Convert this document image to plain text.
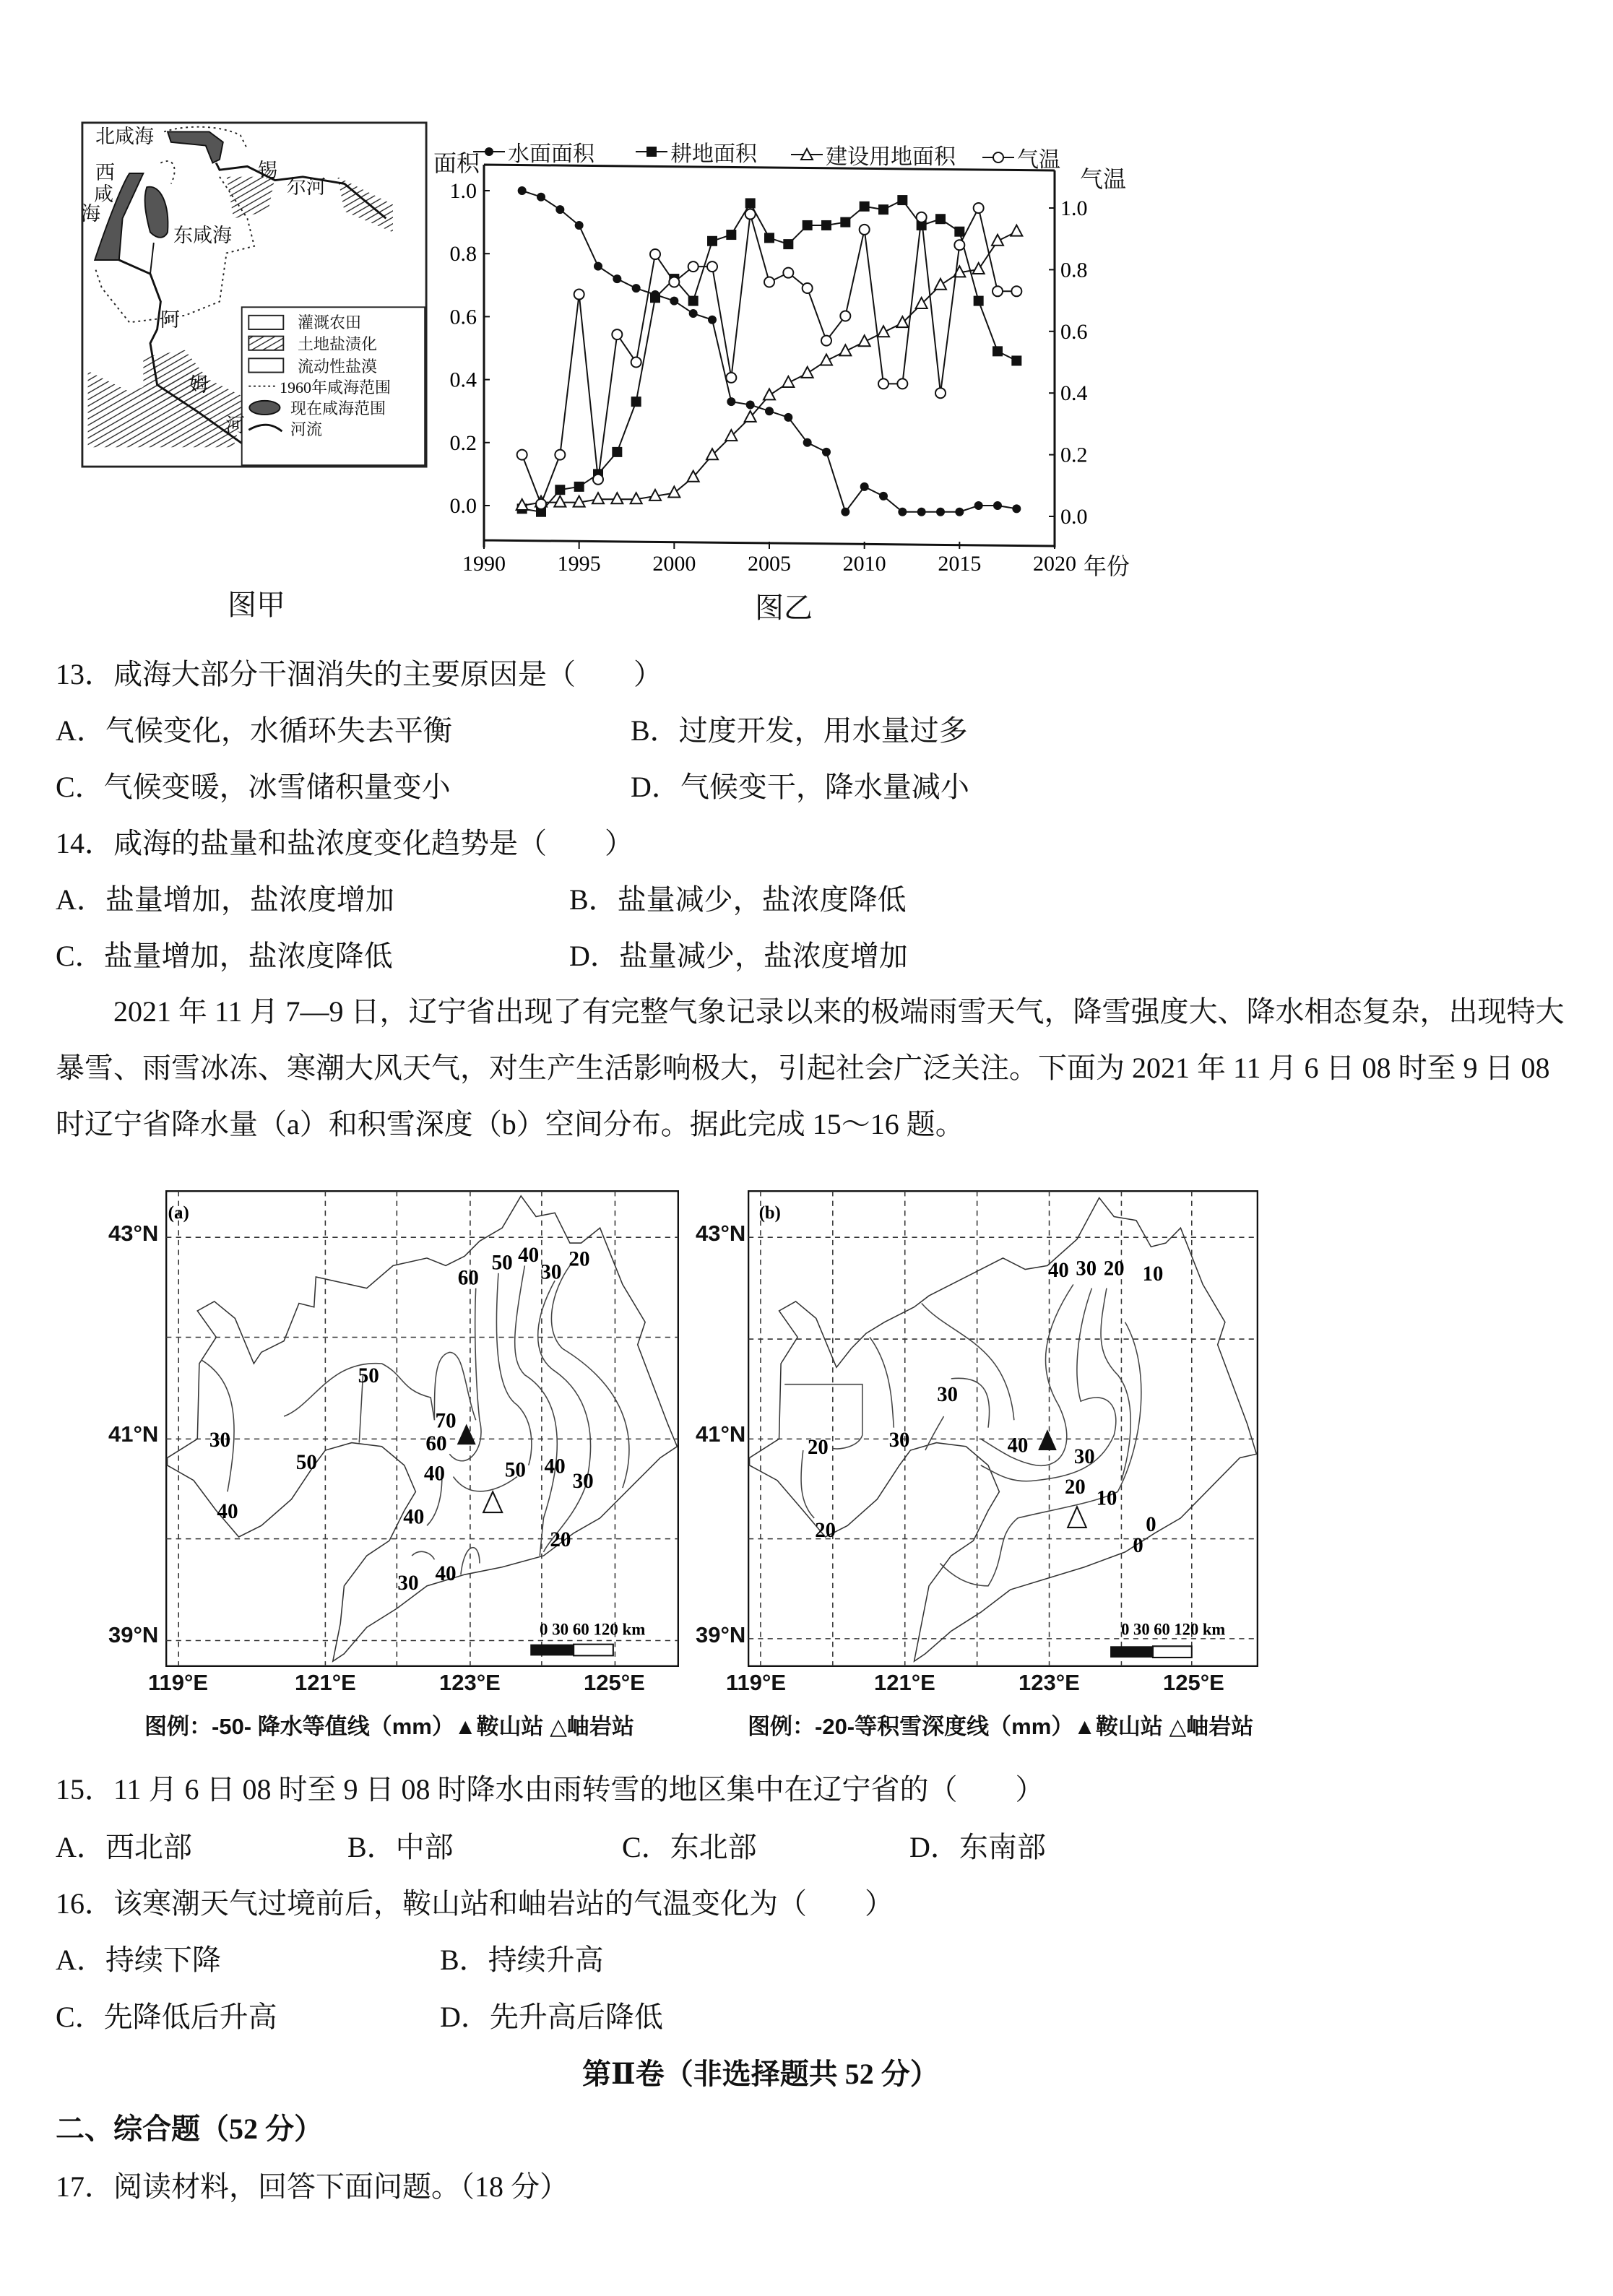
北咸海
西
咸
海
东咸海
锡
尔河
阿
姆
河
灌溉农田
土地盐渍化
流动性盐漠
1960年咸海范围
现在咸海范围
河流
图甲
水面面积	耕地面积	建设用地面积	气温
面积
气温
年份
1990 1995 2000 2005 2010 2015 2020
0.0
0.2
0.4
0.6
0.8
1.0
0.0
0.2
0.4
0.6
0.8
1.0
图乙
13．咸海大部分干涸消失的主要原因是（　　）
A．气候变化，水循环失去平衡	B．过度开发，用水量过多
C．气候变暖，冰雪储积量变小	D．气候变干，降水量减小
14．咸海的盐量和盐浓度变化趋势是（　　）
A．盐量增加，盐浓度增加	B．盐量减少，盐浓度降低
C．盐量增加，盐浓度降低	D．盐量减少，盐浓度增加
2021 年 11 月 7—9 日，辽宁省出现了有完整气象记录以来的极端雨雪天气，降雪强度大、降水相态复杂，出现特大暴雪、雨雪冰冻、寒潮大风天气，对生产生活影响极大，引起社会广泛关注。下面为 2021 年 11 月 6 日 08 时至 9 日 08 时辽宁省降水量（a）和积雪深度（b）空间分布。据此完成 15～16 题。
(a)
60
50 40
30
20
50
70
60
30
50	40 50 40
30
40	40
20
30 40
0 30 60 120 km
(b)
40 30 20 10
30
20 30 40 30
20 10
20	0
0
0 30 60 120 km
43°N
41°N
39°N
43°N
41°N
39°N
119°E	121°E	123°E	125°E	119°E	121°E	123°E	125°E
图例：-50- 降水等值线（mm）▲鞍山站 △岫岩站	图例：-20-等积雪深度线（mm）▲鞍山站 △岫岩站
15．11 月 6 日 08 时至 9 日 08 时降水由雨转雪的地区集中在辽宁省的（　　）
A．西北部	B．中部	C．东北部	D．东南部
16．该寒潮天气过境前后，鞍山站和岫岩站的气温变化为（　　）
A．持续下降	B．持续升高
C．先降低后升高	D．先升高后降低
第Ⅱ卷（非选择题共 52 分）
二、综合题（52 分）
17．阅读材料，回答下面问题。（18 分）
